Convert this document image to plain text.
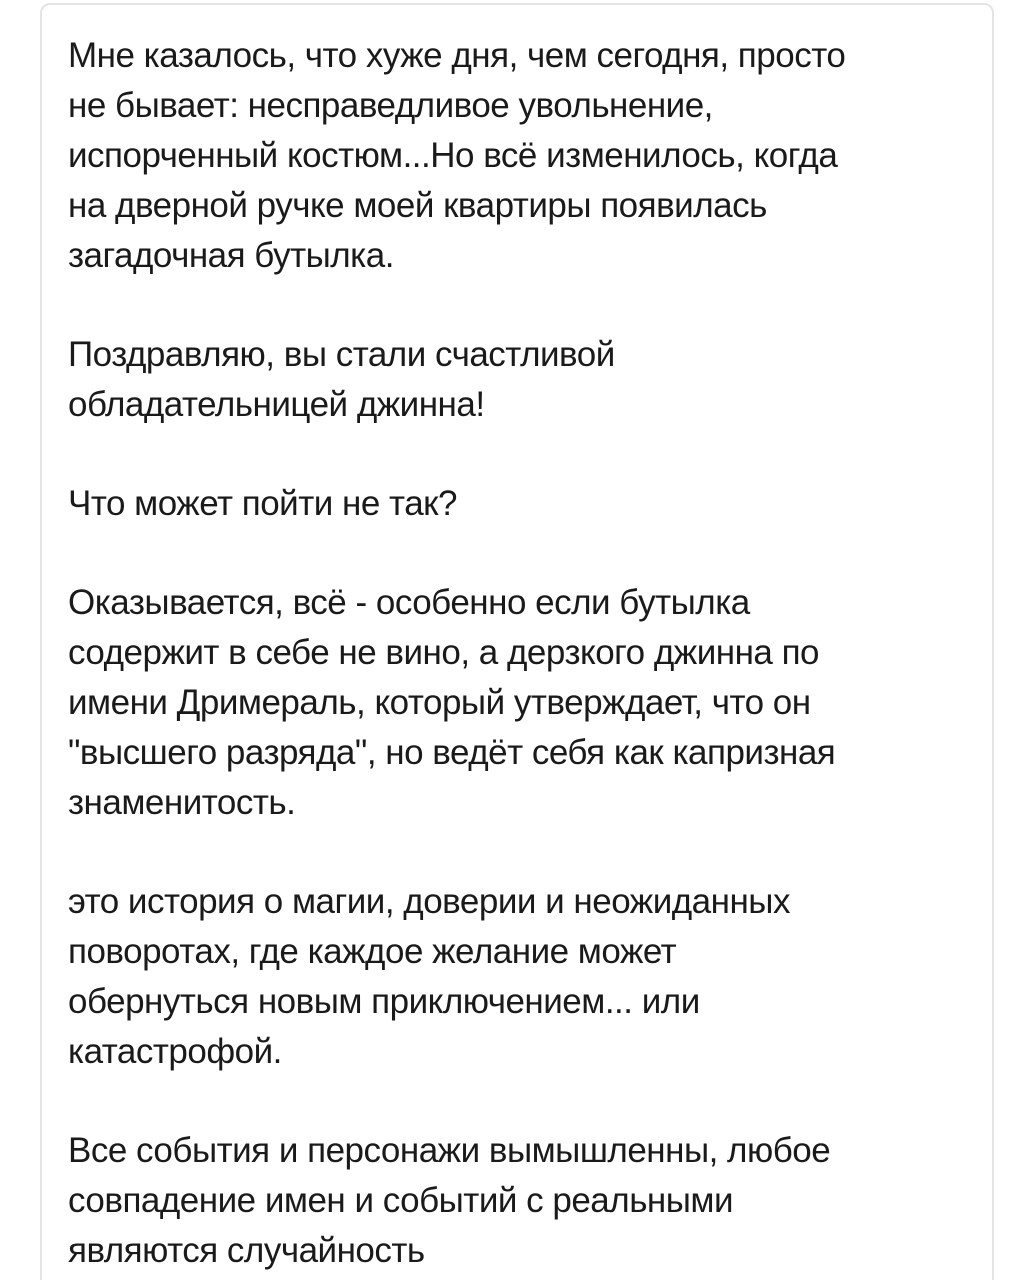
Мне казалось, что хуже дня, чем сегодня, просто
не бывает: несправедливое увольнение,
испорченный костюм...Но всё изменилось, когда
на дверной ручке моей квартиры появилась
загадочная бутылка.

Поздравляю, вы стали счастливой
обладательницей джинна!

Что может пойти не так?

Оказывается, всё - особенно если бутылка
содержит в себе не вино, а дерзкого джинна по
имени Дримераль, который утверждает, что он
"высшего разряда", но ведёт себя как капризная
знаменитость.

это история о магии, доверии и неожиданных
поворотах, где каждое желание может
обернуться новым приключением... или
катастрофой.

Все события и персонажи вымышленны, любое
совпадение имен и событий с реальными
являются случайность
